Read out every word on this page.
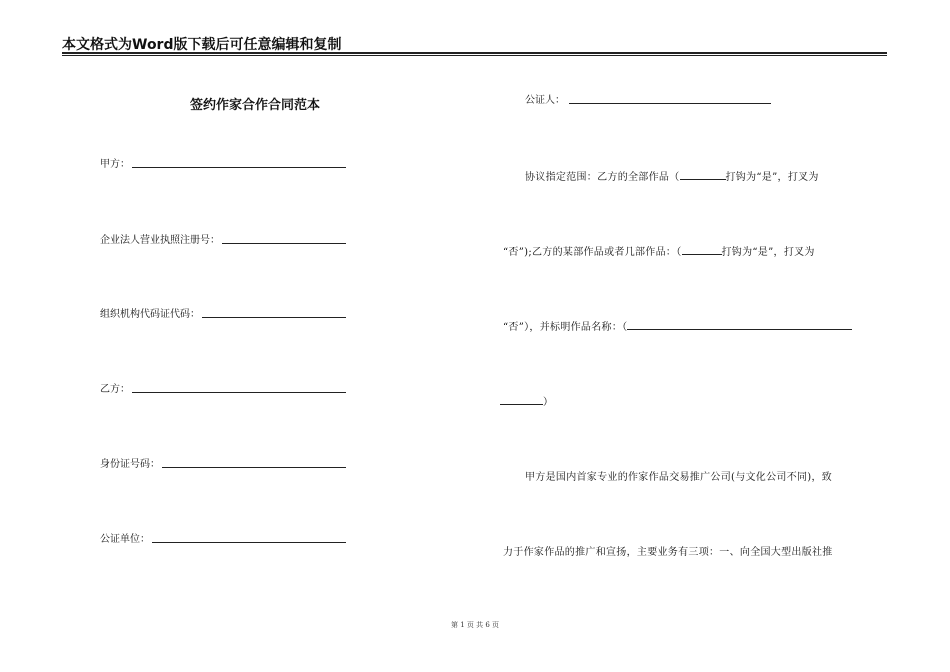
本文格式为Word版下载后可任意编辑和复制
签约作家合作合同范本
甲方：
企业法人营业执照注册号：
组织机构代码证代码：
乙方：
身份证号码：
公证单位：
公证人：
协议指定范围：乙方的全部作品（	打钩为“是”，打叉为
“否”);乙方的某部作品或者几部作品：（	打钩为“是”，打叉为
“否”），并标明作品名称：（
）
甲方是国内首家专业的作家作品交易推广公司(与文化公司不同)，致
力于作家作品的推广和宣扬，主要业务有三项：一、向全国大型出版社推
第 1 页 共 6 页
